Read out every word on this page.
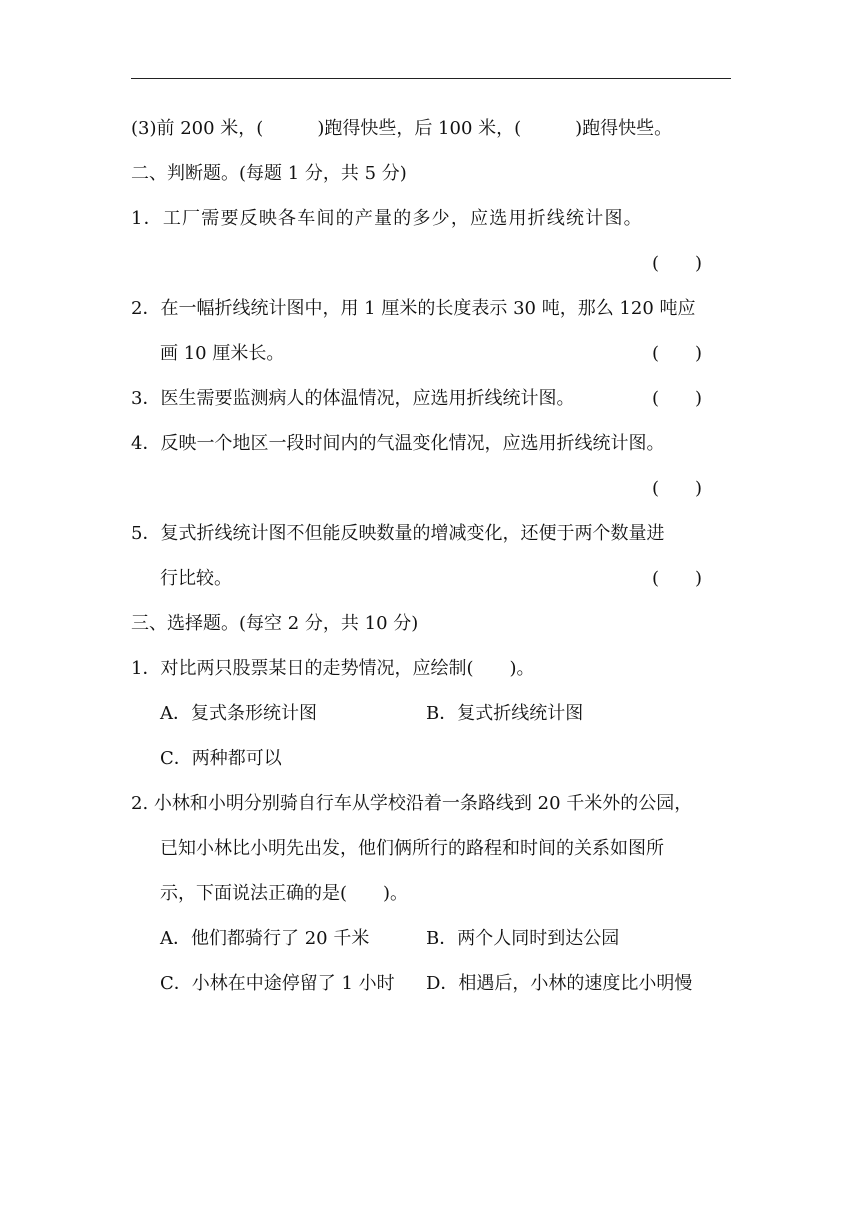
(3)前 200 米，(　　　)跑得快些，后 100 米，(　　　)跑得快些。
二、判断题。(每题 1 分，共 5 分)
1．工厂需要反映各车间的产量的多少，应选用折线统计图。
(　　)
2．在一幅折线统计图中，用 1 厘米的长度表示 30 吨，那么 120 吨应
画 10 厘米长。	(　　)
3．医生需要监测病人的体温情况，应选用折线统计图。	(　　)
4．反映一个地区一段时间内的气温变化情况，应选用折线统计图。
(　　)
5．复式折线统计图不但能反映数量的增减变化，还便于两个数量进
行比较。	(　　)
三、选择题。(每空 2 分，共 10 分)
1．对比两只股票某日的走势情况，应绘制(　　)。
A．复式条形统计图	B．复式折线统计图
C．两种都可以
2. 小林和小明分别骑自行车从学校沿着一条路线到 20 千米外的公园，
已知小林比小明先出发，他们俩所行的路程和时间的关系如图所
示，下面说法正确的是(　　)。
A．他们都骑行了 20 千米	B．两个人同时到达公园
C．小林在中途停留了 1 小时 D．相遇后，小林的速度比小明慢
